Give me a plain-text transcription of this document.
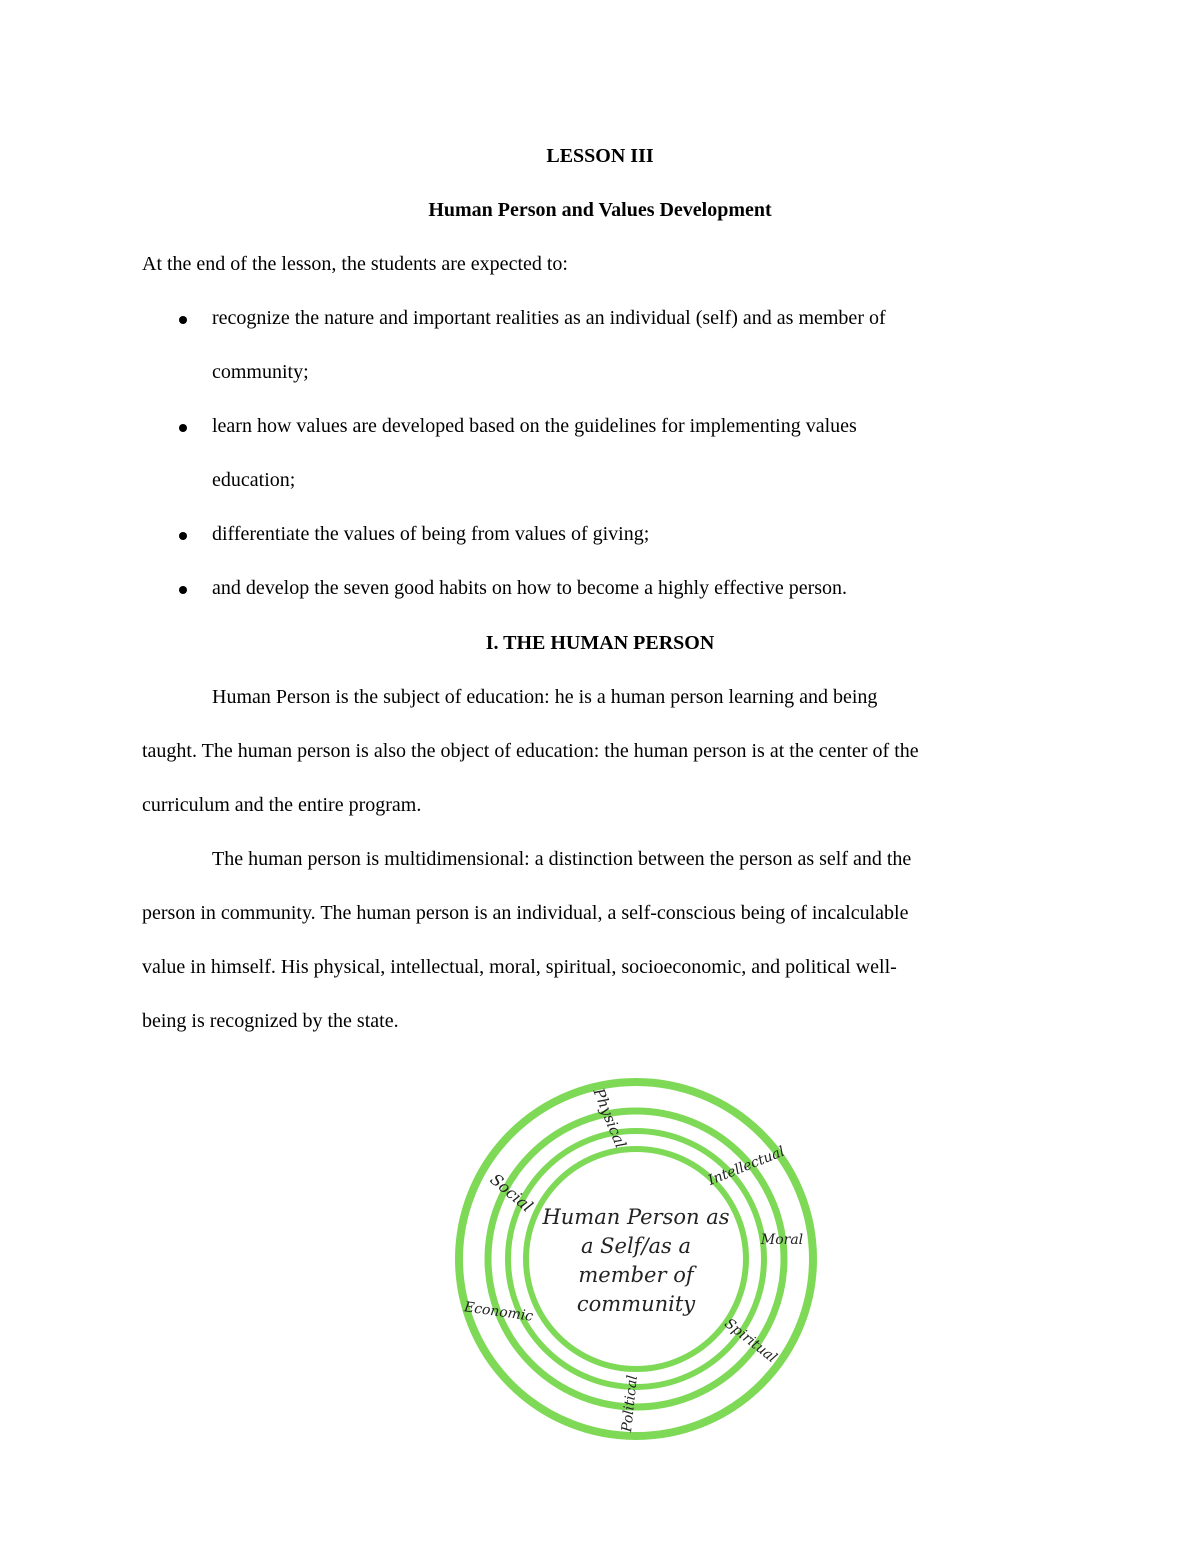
LESSON III
Human Person and Values Development
At the end of the lesson, the students are expected to:
recognize the nature and important realities as an individual (self) and as member of
community;
learn how values are developed based on the guidelines for implementing values
education;
differentiate the values of being from values of giving;
and develop the seven good habits on how to become a highly effective person.
I. THE HUMAN PERSON
Human Person is the subject of education: he is a human person learning and being
taught. The human person is also the object of education: the human person is at the center of the
curriculum and the entire program.
The human person is multidimensional: a distinction between the person as self and the
person in community. The human person is an individual, a self-conscious being of incalculable
value in himself. His physical, intellectual, moral, spiritual, socioeconomic, and political well-
being is recognized by the state.
Physical
Intellectual
Moral
Spiritual
Political
Economic
Social
Human Person as
a Self/as a
member of
community
